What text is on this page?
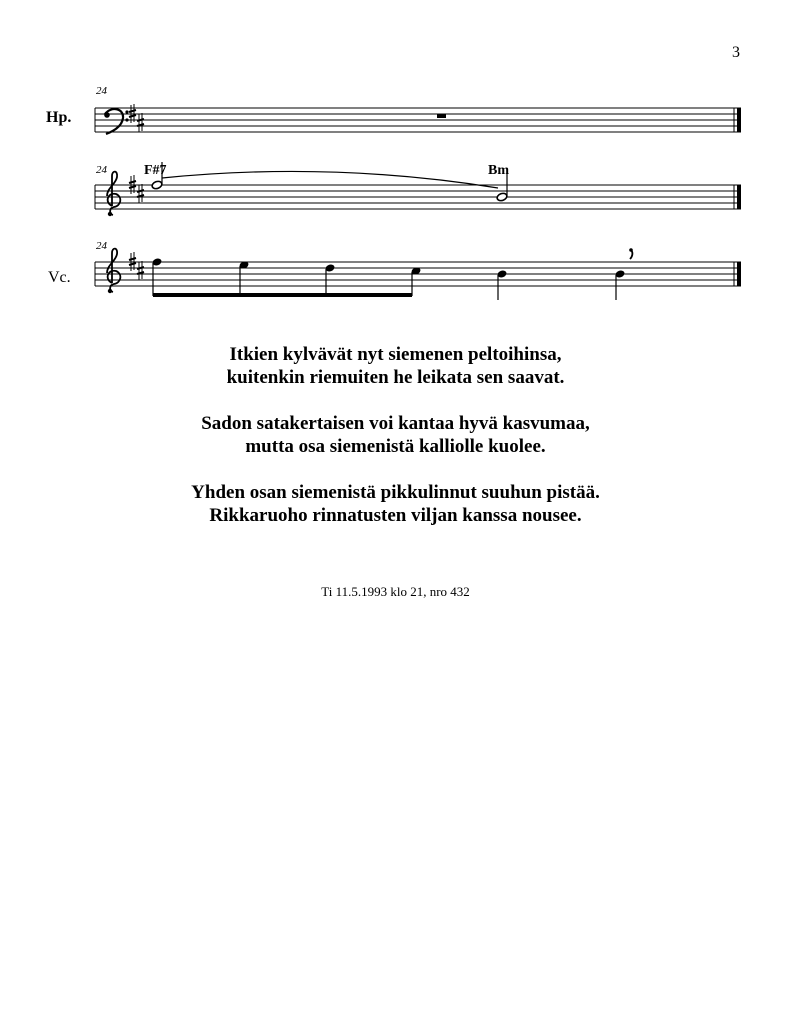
3
Hp.
Vc.
24
24
24
F#7	Bm
Itkien kylvävät nyt siemenen peltoihinsa,
kuitenkin riemuiten he leikata sen saavat.
Sadon satakertaisen voi kantaa hyvä kasvumaa,
mutta osa siemenistä kalliolle kuolee.
Yhden osan siemenistä pikkulinnut suuhun pistää.
Rikkaruoho rinnatusten viljan kanssa nousee.
Ti 11.5.1993 klo 21, nro 432
